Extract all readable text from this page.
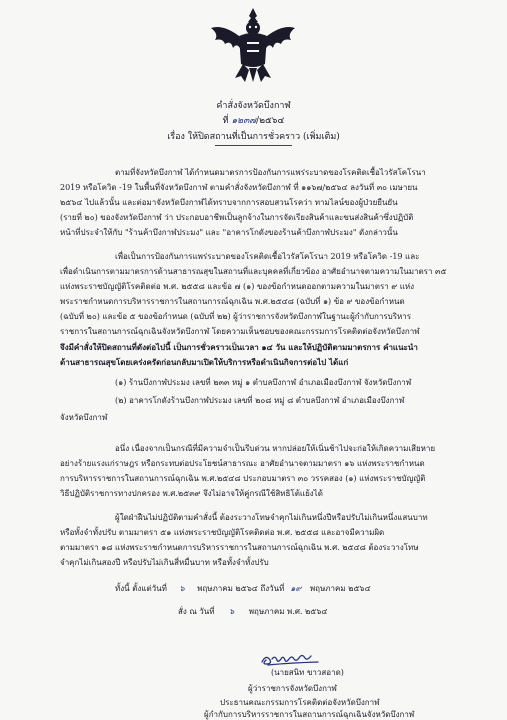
คำสั่งจังหวัดบึงกาฬ
ที่ ๑๒๓๗/๒๕๖๔
เรื่อง ให้ปิดสถานที่เป็นการชั่วคราว (เพิ่มเติม)
ตามที่จังหวัดบึงกาฬ ได้กำหนดมาตรการป้องกันการแพร่ระบาดของโรคติดเชื้อไวรัสโคโรนา
2019 หรือโควิด -19 ในพื้นที่จังหวัดบึงกาฬ ตามคำสั่งจังหวัดบึงกาฬ ที่ ๑๑๖๗/๒๕๖๔ ลงวันที่ ๓๐ เมษายน
๒๕๖๔ ไปแล้วนั้น และต่อมาจังหวัดบึงกาฬได้ทราบจากการสอบสวนโรคว่า ทามไลน์ของผู้ป่วยยืนยัน
(รายที่ ๒๐) ของจังหวัดบึงกาฬ ว่า ประกอบอาชีพเป็นลูกจ้างในการจัดเรียงสินค้าและขนส่งสินค้าซึ่งปฏิบัติ
หน้าที่ประจำให้กับ "ร้านค้าบึงกาฬประมง" และ "อาคารโกดังของร้านค้าบึงกาฬประมง" ดังกล่าวนั้น
เพื่อเป็นการป้องกันการแพร่ระบาดของโรคติดเชื้อไวรัสโคโรนา 2019 หรือโควิด -19 และ
เพื่อดำเนินการตามมาตรการด้านสาธารณสุขในสถานที่และบุคคลที่เกี่ยวข้อง อาศัยอำนาจตามความในมาตรา ๓๕
แห่งพระราชบัญญัติโรคติดต่อ พ.ศ. ๒๕๕๘ และข้อ ๗ (๑) ของข้อกำหนดออกตามความในมาตรา ๙ แห่ง
พระราชกำหนดการบริหารราชการในสถานการณ์ฉุกเฉิน พ.ศ.๒๕๔๘ (ฉบับที่ ๑) ข้อ ๙ ของข้อกำหนด
(ฉบับที่ ๒๐) และข้อ ๕ ของข้อกำหนด (ฉบับที่ ๒๒) ผู้ว่าราชการจังหวัดบึงกาฬในฐานะผู้กำกับการบริหาร
ราชการในสถานการณ์ฉุกเฉินจังหวัดบึงกาฬ โดยความเห็นชอบของคณะกรรมการโรคติดต่อจังหวัดบึงกาฬ
จึงมีคำสั่งให้ปิดสถานที่ดังต่อไปนี้ เป็นการชั่วคราวเป็นเวลา ๑๔ วัน และให้ปฏิบัติตามมาตรการ คำแนะนำ
ด้านสาธารณสุขโดยเคร่งครัดก่อนกลับมาเปิดให้บริการหรือดำเนินกิจการต่อไป ได้แก่
(๑) ร้านบึงกาฬประมง เลขที่ ๒๓๓ หมู่ ๑ ตำบลบึงกาฬ อำเภอเมืองบึงกาฬ จังหวัดบึงกาฬ
(๒) อาคารโกดังร้านบึงกาฬประมง เลขที่ ๒๐๘ หมู่ ๘ ตำบลบึงกาฬ อำเภอเมืองบึงกาฬ
จังหวัดบึงกาฬ
อนึ่ง เนื่องจากเป็นกรณีที่มีความจำเป็นรีบด่วน หากปล่อยให้เนิ่นช้าไปจะก่อให้เกิดความเสียหาย
อย่างร้ายแรงแก่ราษฎร หรือกระทบต่อประโยชน์สาธารณะ อาศัยอำนาจตามมาตรา ๑๖ แห่งพระราชกำหนด
การบริหารราชการในสถานการณ์ฉุกเฉิน พ.ศ.๒๕๔๘ ประกอบมาตรา ๓๐ วรรคสอง (๑) แห่งพระราชบัญญัติ
วิธีปฏิบัติราชการทางปกครอง พ.ศ.๒๕๓๙ จึงไม่อาจให้คู่กรณีใช้สิทธิโต้แย้งได้
ผู้ใดฝ่าฝืนไม่ปฏิบัติตามคำสั่งนี้ ต้องระวางโทษจำคุกไม่เกินหนึ่งปีหรือปรับไม่เกินหนึ่งแสนบาท
หรือทั้งจำทั้งปรับ ตามมาตรา ๕๑ แห่งพระราชบัญญัติโรคติดต่อ พ.ศ. ๒๕๕๘ และอาจมีความผิด
ตามมาตรา ๑๘ แห่งพระราชกำหนดการบริหารราชการในสถานการณ์ฉุกเฉิน พ.ศ. ๒๕๔๘ ต้องระวางโทษ
จำคุกไม่เกินสองปี หรือปรับไม่เกินสี่หมื่นบาท หรือทั้งจำทั้งปรับ
ทั้งนี้ ตั้งแต่วันที่ ๖ พฤษภาคม ๒๕๖๔ ถึงวันที่ ๑๙ พฤษภาคม ๒๕๖๔
สั่ง ณ วันที่ ๖ พฤษภาคม พ.ศ. ๒๕๖๔
(นายสนิท ขาวสอาด)
ผู้ว่าราชการจังหวัดบึงกาฬ
ประธานคณะกรรมการโรคติดต่อจังหวัดบึงกาฬ
ผู้กำกับการบริหารราชการในสถานการณ์ฉุกเฉินจังหวัดบึงกาฬ
